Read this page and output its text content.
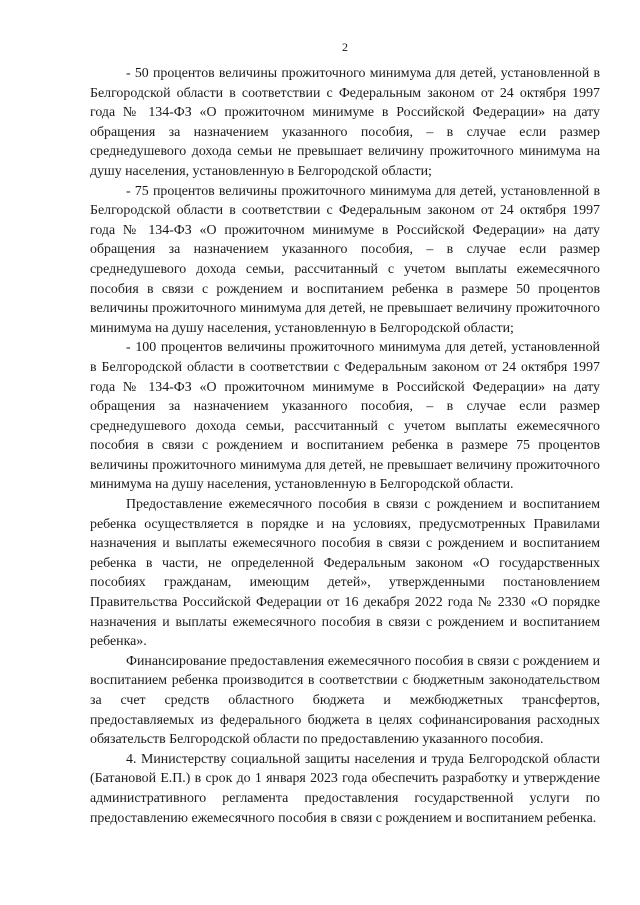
2

- 50 процентов величины прожиточного минимума для детей, установленной в Белгородской области в соответствии с Федеральным законом от 24 октября 1997 года № 134-ФЗ «О прожиточном минимуме в Российской Федерации» на дату обращения за назначением указанного пособия, – в случае если размер среднедушевого дохода семьи не превышает величину прожиточного минимума на душу населения, установленную в Белгородской области;

- 75 процентов величины прожиточного минимума для детей, установленной в Белгородской области в соответствии с Федеральным законом от 24 октября 1997 года № 134-ФЗ «О прожиточном минимуме в Российской Федерации» на дату обращения за назначением указанного пособия, – в случае если размер среднедушевого дохода семьи, рассчитанный с учетом выплаты ежемесячного пособия в связи с рождением и воспитанием ребенка в размере 50 процентов величины прожиточного минимума для детей, не превышает величину прожиточного минимума на душу населения, установленную в Белгородской области;

- 100 процентов величины прожиточного минимума для детей, установленной в Белгородской области в соответствии с Федеральным законом от 24 октября 1997 года № 134-ФЗ «О прожиточном минимуме в Российской Федерации» на дату обращения за назначением указанного пособия, – в случае если размер среднедушевого дохода семьи, рассчитанный с учетом выплаты ежемесячного пособия в связи с рождением и воспитанием ребенка в размере 75 процентов величины прожиточного минимума для детей, не превышает величину прожиточного минимума на душу населения, установленную в Белгородской области.

Предоставление ежемесячного пособия в связи с рождением и воспитанием ребенка осуществляется в порядке и на условиях, предусмотренных Правилами назначения и выплаты ежемесячного пособия в связи с рождением и воспитанием ребенка в части, не определенной Федеральным законом «О государственных пособиях гражданам, имеющим детей», утвержденными постановлением Правительства Российской Федерации от 16 декабря 2022 года № 2330 «О порядке назначения и выплаты ежемесячного пособия в связи с рождением и воспитанием ребенка».

Финансирование предоставления ежемесячного пособия в связи с рождением и воспитанием ребенка производится в соответствии с бюджетным законодательством за счет средств областного бюджета и межбюджетных трансфертов, предоставляемых из федерального бюджета в целях софинансирования расходных обязательств Белгородской области по предоставлению указанного пособия.

4. Министерству социальной защиты населения и труда Белгородской области (Батановой Е.П.) в срок до 1 января 2023 года обеспечить разработку и утверждение административного регламента предоставления государственной услуги по предоставлению ежемесячного пособия в связи с рождением и воспитанием ребенка.
